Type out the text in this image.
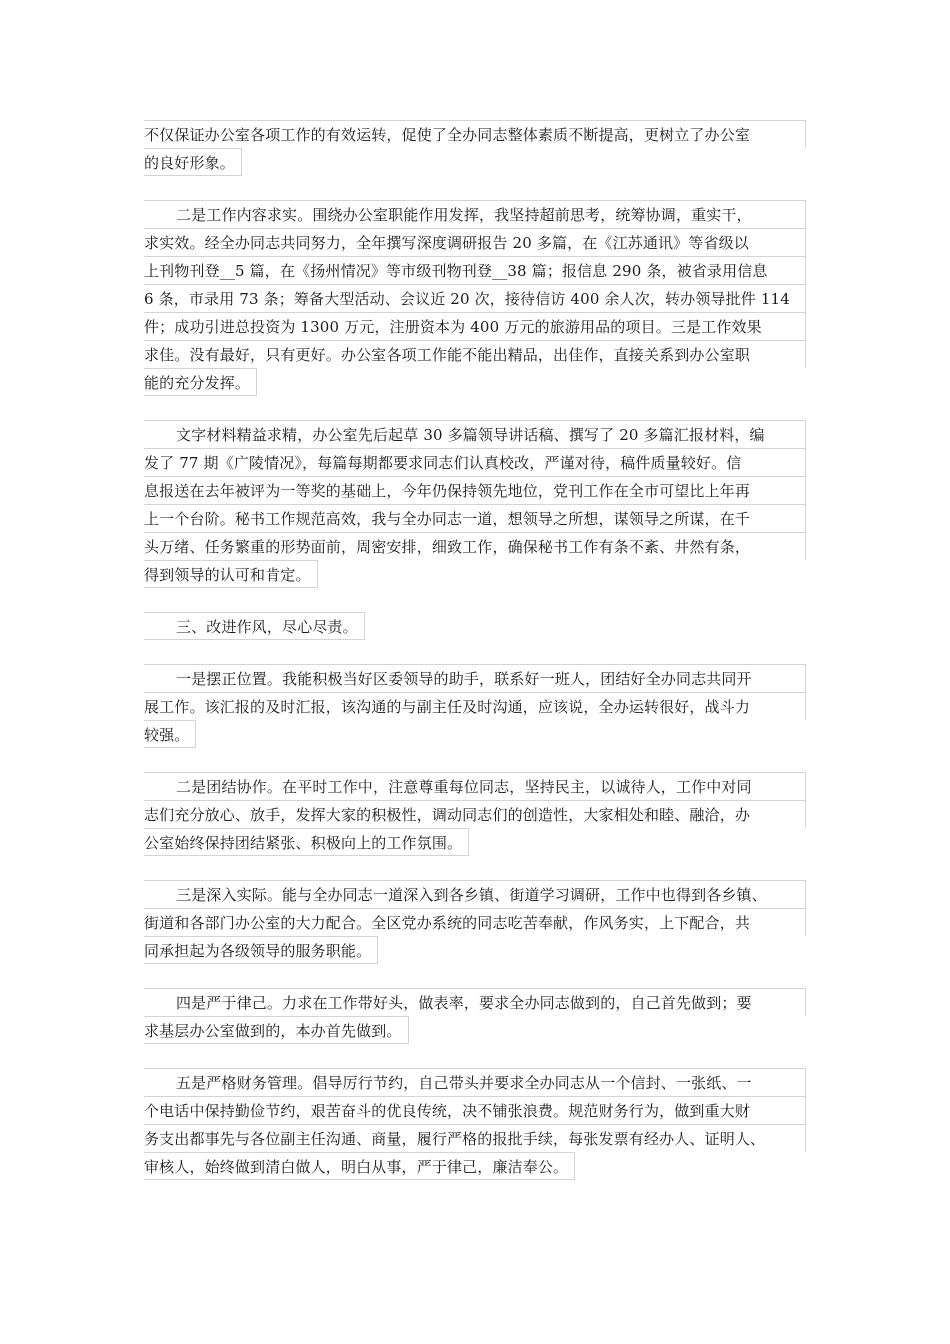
不仅保证办公室各项工作的有效运转，促使了全办同志整体素质不断提高，更树立了办公室
的良好形象。
二是工作内容求实。围绕办公室职能作用发挥，我坚持超前思考，统筹协调，重实干，
求实效。经全办同志共同努力，全年撰写深度调研报告 20 多篇，在《江苏通讯》等省级以
上刊物刊登__5 篇，在《扬州情况》等市级刊物刊登__38 篇；报信息 290 条，被省录用信息
6 条，市录用 73 条；筹备大型活动、会议近 20 次，接待信访 400 余人次，转办领导批件 114
件；成功引进总投资为 1300 万元，注册资本为 400 万元的旅游用品的项目。三是工作效果
求佳。没有最好，只有更好。办公室各项工作能不能出精品，出佳作，直接关系到办公室职
能的充分发挥。
文字材料精益求精，办公室先后起草 30 多篇领导讲话稿、撰写了 20 多篇汇报材料，编
发了 77 期《广陵情况》，每篇每期都要求同志们认真校改，严谨对待，稿件质量较好。信
息报送在去年被评为一等奖的基础上，今年仍保持领先地位，党刊工作在全市可望比上年再
上一个台阶。秘书工作规范高效，我与全办同志一道，想领导之所想，谋领导之所谋，在千
头万绪、任务繁重的形势面前，周密安排，细致工作，确保秘书工作有条不紊、井然有条，
得到领导的认可和肯定。
三、改进作风，尽心尽责。
一是摆正位置。我能积极当好区委领导的助手，联系好一班人，团结好全办同志共同开
展工作。该汇报的及时汇报，该沟通的与副主任及时沟通，应该说，全办运转很好，战斗力
较强。
二是团结协作。在平时工作中，注意尊重每位同志，坚持民主，以诚待人，工作中对同
志们充分放心、放手，发挥大家的积极性，调动同志们的创造性，大家相处和睦、融洽，办
公室始终保持团结紧张、积极向上的工作氛围。
三是深入实际。能与全办同志一道深入到各乡镇、街道学习调研，工作中也得到各乡镇、
街道和各部门办公室的大力配合。全区党办系统的同志吃苦奉献，作风务实，上下配合，共
同承担起为各级领导的服务职能。
四是严于律己。力求在工作带好头，做表率，要求全办同志做到的，自己首先做到；要
求基层办公室做到的，本办首先做到。
五是严格财务管理。倡导厉行节约，自己带头并要求全办同志从一个信封、一张纸、一
个电话中保持勤俭节约，艰苦奋斗的优良传统，决不铺张浪费。规范财务行为，做到重大财
务支出都事先与各位副主任沟通、商量，履行严格的报批手续，每张发票有经办人、证明人、
审核人，始终做到清白做人，明白从事，严于律己，廉洁奉公。
